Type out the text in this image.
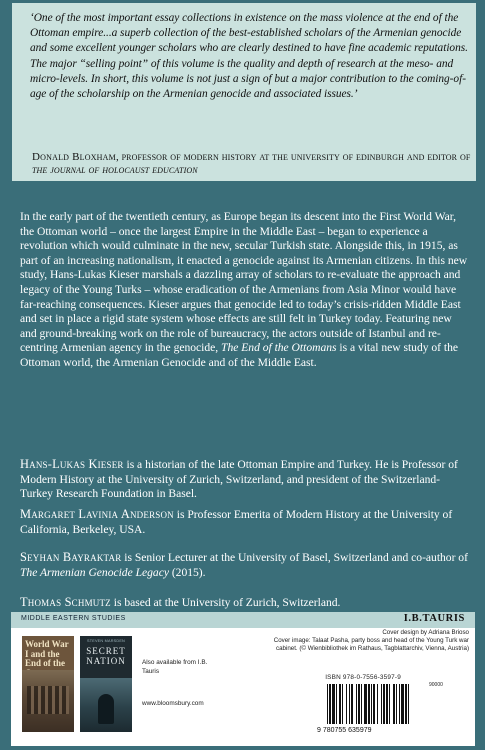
‘One of the most important essay collections in existence on the mass violence at the end of the Ottoman empire...a superb collection of the best-established scholars of the Armenian genocide and some excellent younger scholars who are clearly destined to have fine academic reputations. The major “selling point” of this volume is the quality and depth of research at the meso- and micro-levels. In short, this volume is not just a sign of but a major contribution to the coming-of-age of the scholarship on the Armenian genocide and associated issues.’

Donald Bloxham, professor of modern history at the university of edinburgh and editor of the journal of holocaust education

In the early part of the twentieth century, as Europe began its descent into the First World War, the Ottoman world – once the largest Empire in the Middle East – began to experience a revolution which would culminate in the new, secular Turkish state. Alongside this, in 1915, as part of an increasing nationalism, it enacted a genocide against its Armenian citizens. In this new study, Hans-Lukas Kieser marshals a dazzling array of scholars to re-evaluate the approach and legacy of the Young Turks – whose eradication of the Armenians from Asia Minor would have far-reaching consequences. Kieser argues that genocide led to today’s crisis-ridden Middle East and set in place a rigid state system whose effects are still felt in Turkey today. Featuring new and ground-breaking work on the role of bureaucracy, the actors outside of Istanbul and re-centring Armenian agency in the genocide, The End of the Ottomans is a vital new study of the Ottoman world, the Armenian Genocide and of the Middle East.

Hans-Lukas Kieser is a historian of the late Ottoman Empire and Turkey. He is Professor of Modern History at the University of Zurich, Switzerland, and president of the Switzerland-Turkey Research Foundation in Basel.

Margaret Lavinia Anderson is Professor Emerita of Modern History at the University of California, Berkeley, USA.

Seyhan Bayraktar is Senior Lecturer at the University of Basel, Switzerland and co-author of The Armenian Genocide Legacy (2015).

Thomas Schmutz is based at the University of Zurich, Switzerland.

MIDDLE EASTERN STUDIES	I.B.TAURIS
World War I and the End of the
STEVEN MARSDEN
SECRET NATION	Also available from I.B. Tauris

www.bloomsbury.com

Cover design by Adriana Brioso
Cover image: Talaat Pasha, party boss and head of the Young Turk war cabinet. (© Wienbibliothek im Rathaus, Tagblattarchiv, Vienna, Austria)

ISBN 978-0-7556-3597-9
90000
9 780755 635979
